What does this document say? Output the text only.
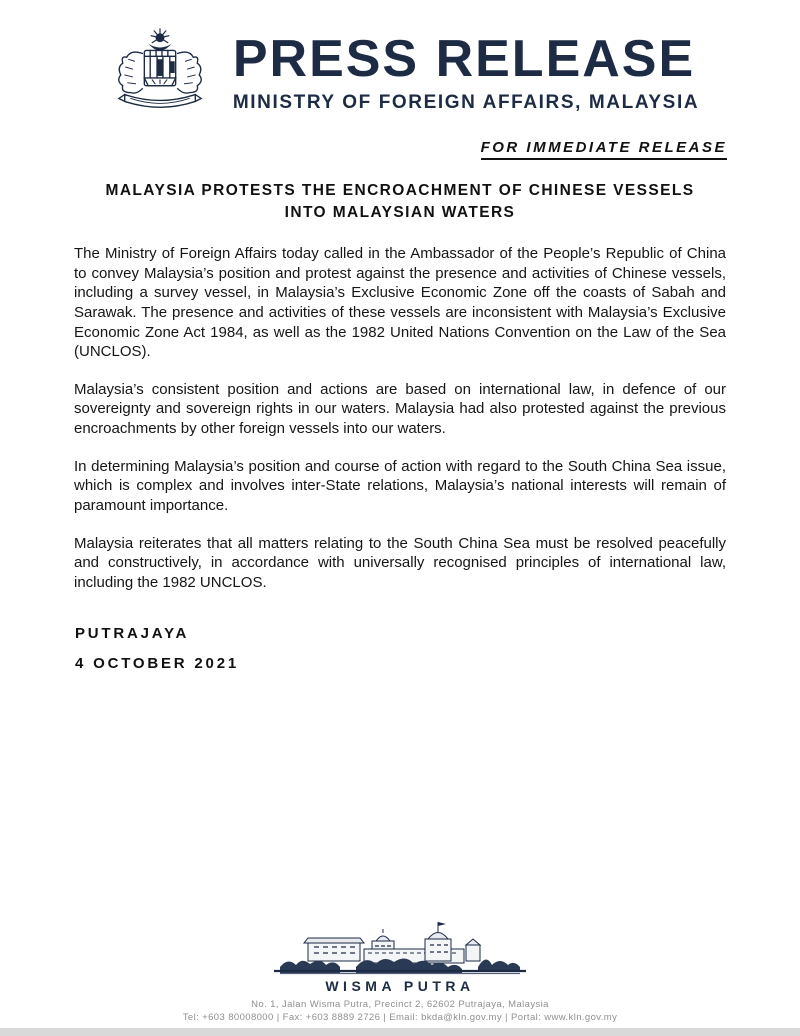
PRESS RELEASE
MINISTRY OF FOREIGN AFFAIRS, MALAYSIA
FOR IMMEDIATE RELEASE
MALAYSIA PROTESTS THE ENCROACHMENT OF CHINESE VESSELS INTO MALAYSIAN WATERS

The Ministry of Foreign Affairs today called in the Ambassador of the People’s Republic of China to convey Malaysia’s position and protest against the presence and activities of Chinese vessels, including a survey vessel, in Malaysia’s Exclusive Economic Zone off the coasts of Sabah and Sarawak. The presence and activities of these vessels are inconsistent with Malaysia’s Exclusive Economic Zone Act 1984, as well as the 1982 United Nations Convention on the Law of the Sea (UNCLOS).

Malaysia’s consistent position and actions are based on international law, in defence of our sovereignty and sovereign rights in our waters. Malaysia had also protested against the previous encroachments by other foreign vessels into our waters.

In determining Malaysia’s position and course of action with regard to the South China Sea issue, which is complex and involves inter-State relations, Malaysia’s national interests will remain of paramount importance.

Malaysia reiterates that all matters relating to the South China Sea must be resolved peacefully and constructively, in accordance with universally recognised principles of international law, including the 1982 UNCLOS.

PUTRAJAYA
4 OCTOBER 2021
WISMA PUTRA
No. 1, Jalan Wisma Putra, Precinct 2, 62602 Putrajaya, Malaysia
Tel: +603 80008000 | Fax: +603 8889 2726 | Email: bkda@kln.gov.my | Portal: www.kln.gov.my
